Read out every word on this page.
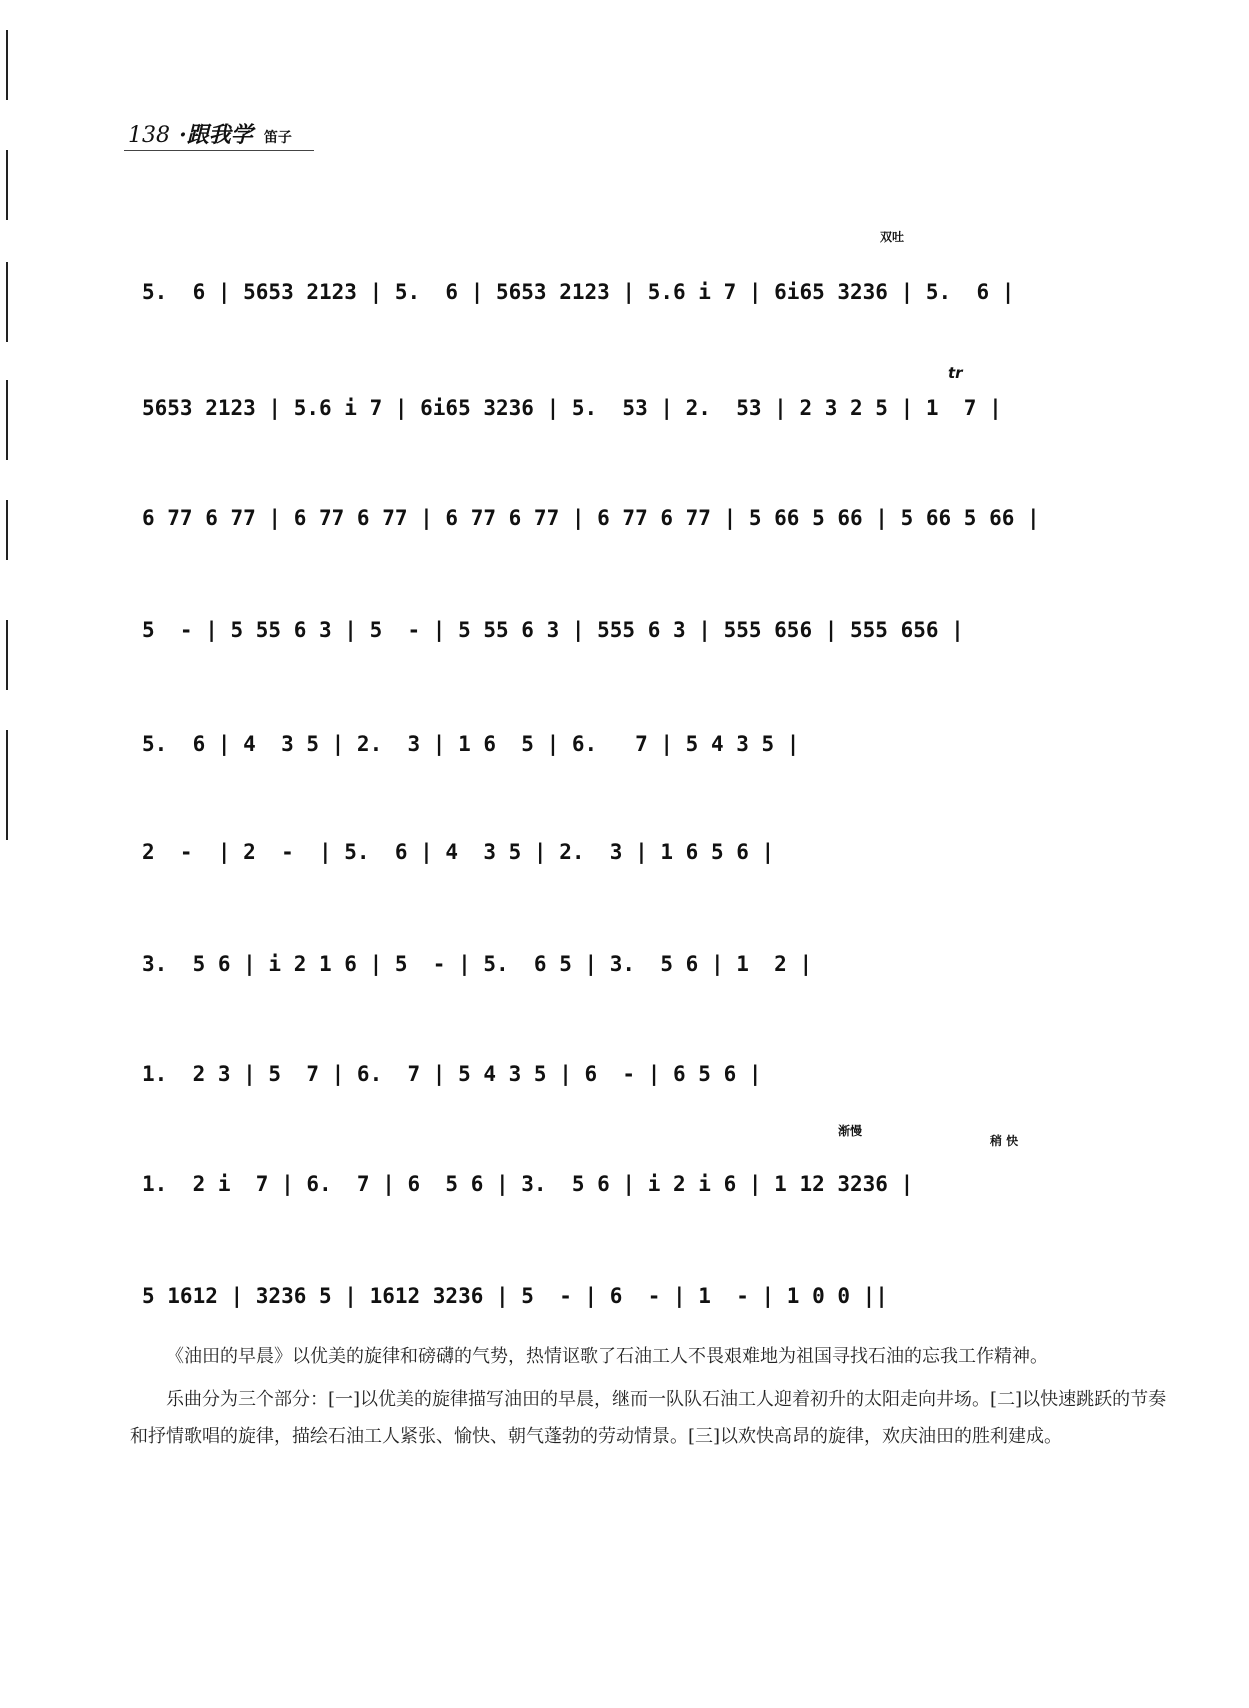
138 ·跟我学 笛子
双吐
tr
渐慢
稍 快
5.  6 | 5653 2123 | 5.  6 | 5653 2123 | 5.6 i 7 | 6i65 3236 | 5.  6 |
5653 2123 | 5.6 i 7 | 6i65 3236 | 5.  53 | 2.  53 | 2 3 2 5 | 1  7 |
6 77 6 77 | 6 77 6 77 | 6 77 6 77 | 6 77 6 77 | 5 66 5 66 | 5 66 5 66 |
5  - | 5 55 6 3 | 5  - | 5 55 6 3 | 555 6 3 | 555 656 | 555 656 |
5.  6 | 4  3 5 | 2.  3 | 1 6  5 | 6.   7 | 5 4 3 5 |
2  -  | 2  -  | 5.  6 | 4  3 5 | 2.  3 | 1 6 5 6 |
3.  5 6 | i 2 1 6 | 5  - | 5.  6 5 | 3.  5 6 | 1  2 |
1.  2 3 | 5  7 | 6.  7 | 5 4 3 5 | 6  - | 6 5 6 |
1.  2 i  7 | 6.  7 | 6  5 6 | 3.  5 6 | i 2 i 6 | 1 12 3236 |
5 1612 | 3236 5 | 1612 3236 | 5  - | 6  - | 1  - | 1 0 0 ||

《油田的早晨》以优美的旋律和磅礴的气势，热情讴歌了石油工人不畏艰难地为祖国寻找石油的忘我工作精神。

乐曲分为三个部分：[一]以优美的旋律描写油田的早晨，继而一队队石油工人迎着初升的太阳走向井场。[二]以快速跳跃的节奏和抒情歌唱的旋律，描绘石油工人紧张、愉快、朝气蓬勃的劳动情景。[三]以欢快高昂的旋律，欢庆油田的胜利建成。
